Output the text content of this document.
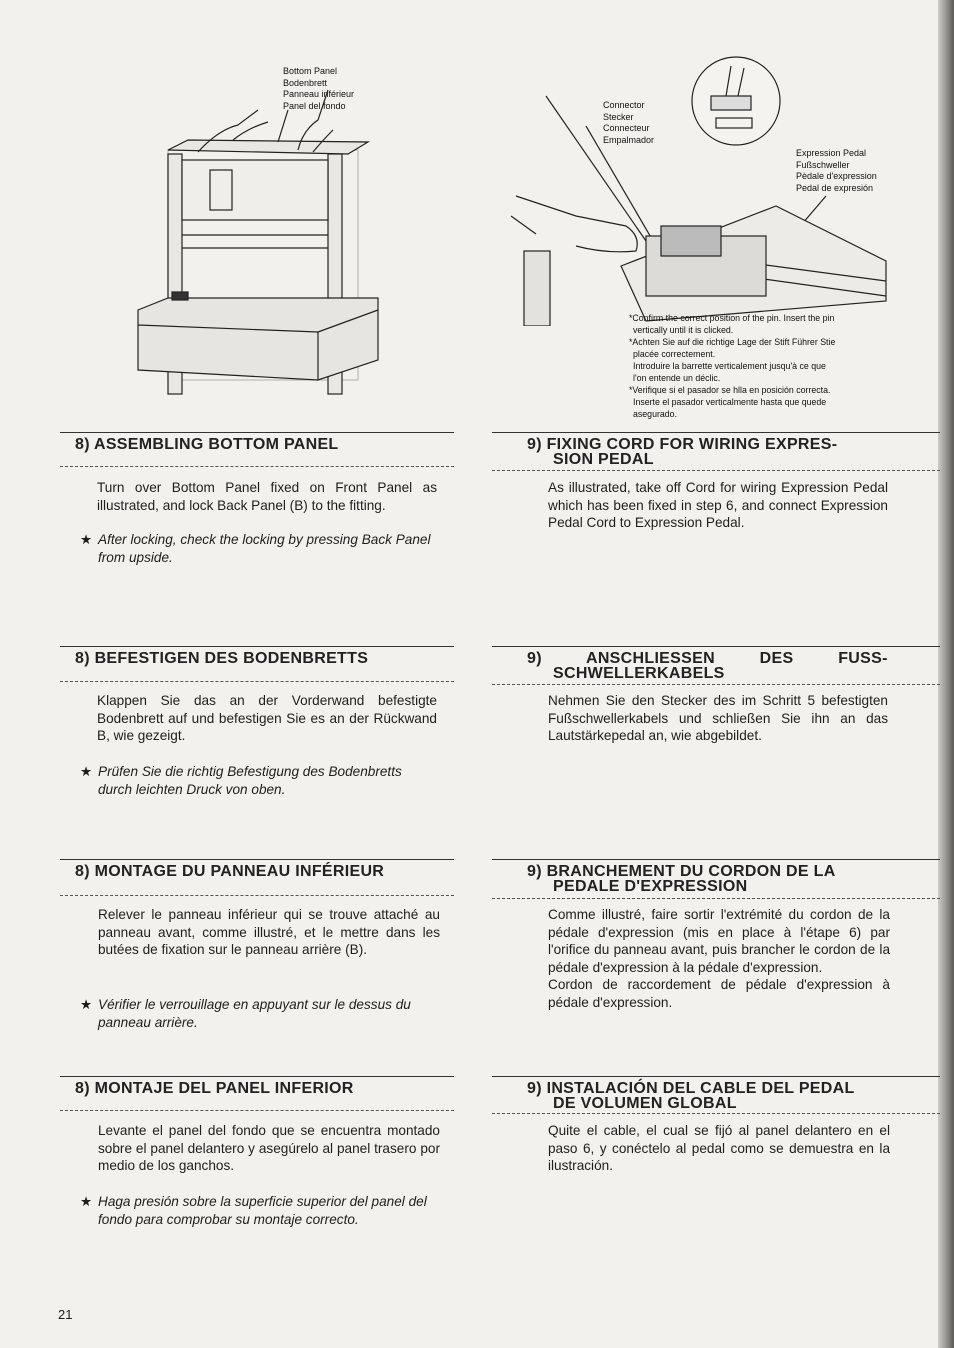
Bottom Panel
Bodenbrett
Panneau inférieur
Panel del fondo	Connector
Stecker
Connecteur
Empalmador
Expression Pedal
Fußschweller
Pèdale d'expression
Pedal de expresión
*Confirm the correct position of the pin. Insert the pin
vertically until it is clicked.
*Achten Sie auf die richtige Lage der Stift Führer Stie
placée correctement.
Introduire la barrette verticalement jusqu'à ce que
l'on entende un déclic.
*Verifique si el pasador se hlla en posición correcta.
Inserte el pasador verticalmente hasta que quede
asegurado.
8) ASSEMBLING BOTTOM PANEL
Turn over Bottom Panel fixed on Front Panel as illustrated, and lock Back Panel (B) to the fitting.
★ After locking, check the locking by pressing Back Panel from upside.
8) BEFESTIGEN DES BODENBRETTS
Klappen Sie das an der Vorderwand befestigte Bodenbrett auf und befestigen Sie es an der Rückwand B, wie gezeigt.
★ Prüfen Sie die richtig Befestigung des Bodenbretts durch leichten Druck von oben.
8) MONTAGE DU PANNEAU INFÉRIEUR
Relever le panneau inférieur qui se trouve attaché au panneau avant, comme illustré, et le mettre dans les butées de fixation sur le panneau arrière (B).
★ Vérifier le verrouillage en appuyant sur le dessus du panneau arrière.
8) MONTAJE DEL PANEL INFERIOR
Levante el panel del fondo que se encuentra montado sobre el panel delantero y asegúrelo al panel trasero por medio de los ganchos.
★ Haga presión sobre la superficie superior del panel del fondo para comprobar su montaje correcto.
9) FIXING CORD FOR WIRING EXPRES-
SION PEDAL
As illustrated, take off Cord for wiring Expression Pedal which has been fixed in step 6, and connect Expression Pedal Cord to Expression Pedal.
9) ANSCHLIESSEN DES FUSS-
SCHWELLERKABELS
Nehmen Sie den Stecker des im Schritt 5 befestigten Fußschwellerkabels und schließen Sie ihn an das Lautstärkepedal an, wie abgebildet.
9) BRANCHEMENT DU CORDON DE LA
PEDALE D'EXPRESSION
Comme illustré, faire sortir l'extrémité du cordon de la pédale d'expression (mis en place à l'étape 6) par l'orifice du panneau avant, puis brancher le cordon de la pédale d'expression à la pédale d'expression.
Cordon de raccordement de pédale d'expression à pédale d'expression.
9) INSTALACIÓN DEL CABLE DEL PEDAL
DE VOLUMEN GLOBAL
Quite el cable, el cual se fijó al panel delantero en el paso 6, y conéctelo al pedal como se demuestra en la ilustración.
21
